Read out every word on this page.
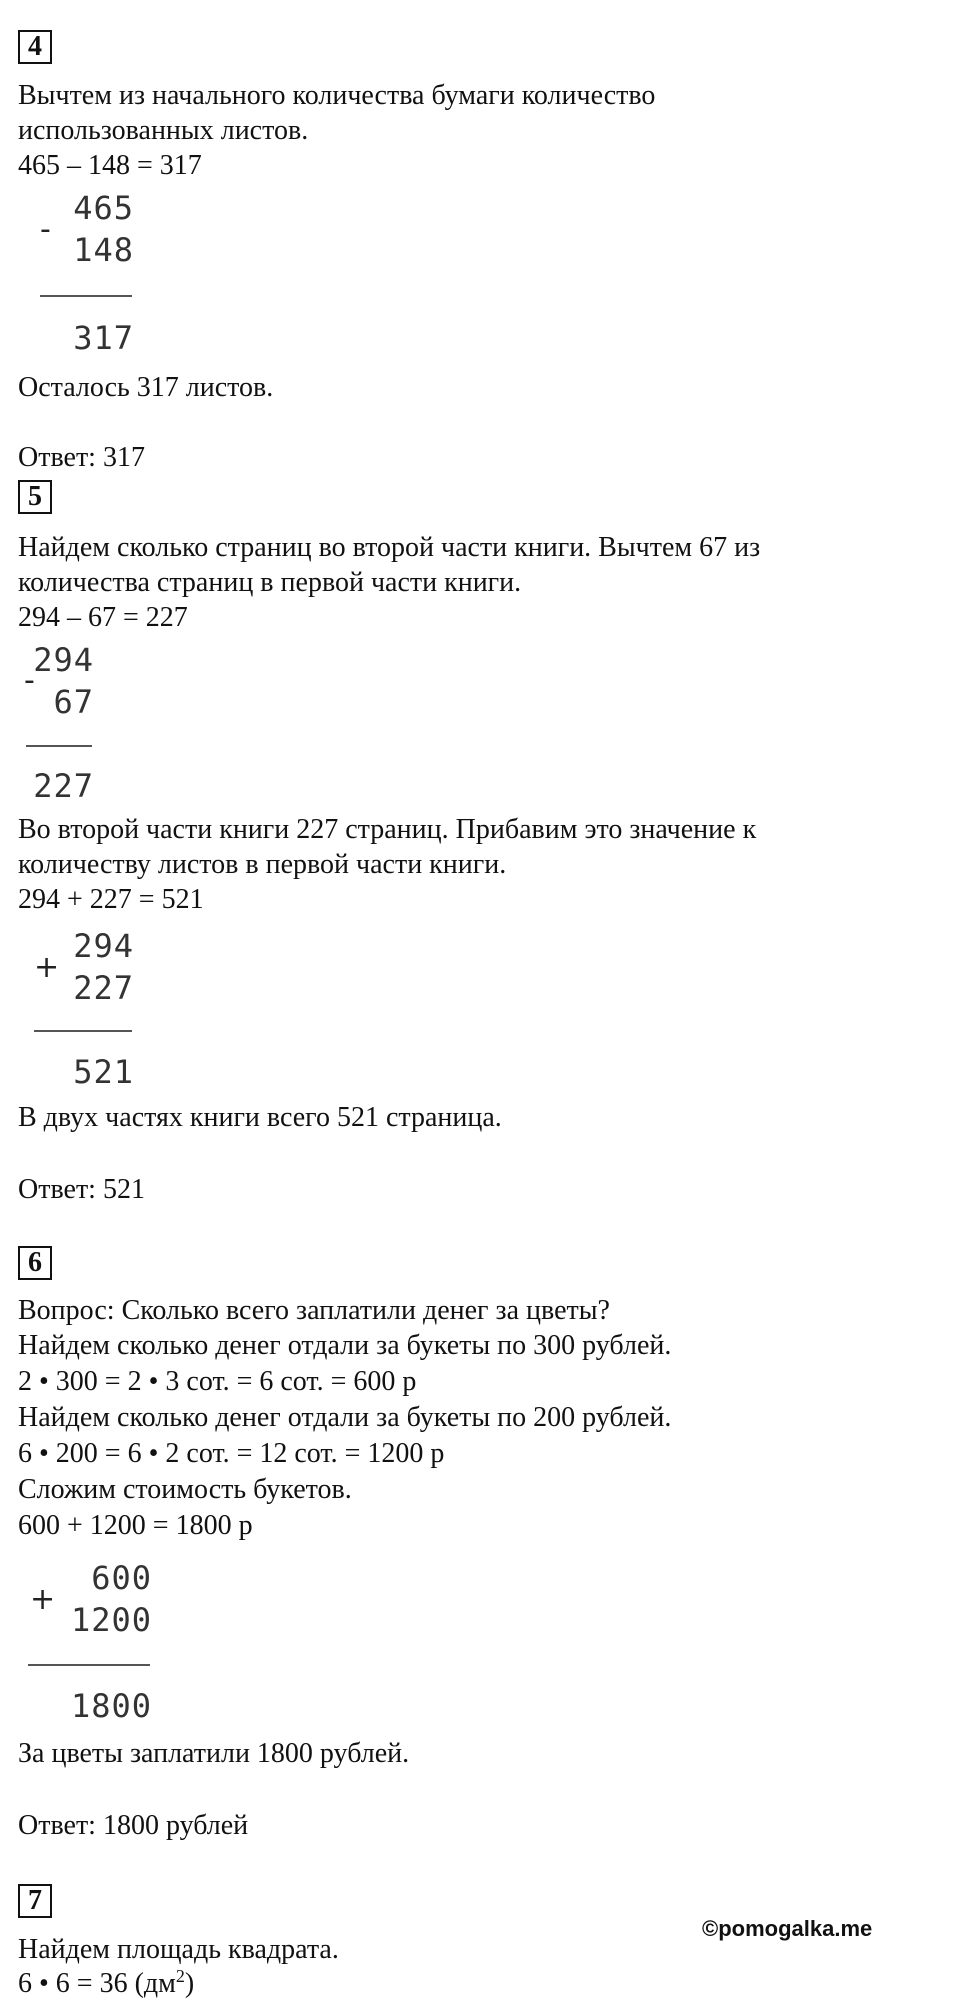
4
Вычтем из начального количества бумаги количество
использованных листов.
465 – 148 = 317
-
465
148
317
Осталось 317 листов.
Ответ: 317
5
Найдем сколько страниц во второй части книги. Вычтем 67 из
количества страниц в первой части книги.
294 – 67 = 227
-
294
67
227
Во второй части книги 227 страниц. Прибавим это значение к
количеству листов в первой части книги.
294 + 227 = 521
+
294
227
521
В двух частях книги всего 521 страница.
Ответ: 521
6
Вопрос: Сколько всего заплатили денег за цветы?
Найдем сколько денег отдали за букеты по 300 рублей.
2 • 300 = 2 • 3 сот. = 6 сот. = 600 р
Найдем сколько денег отдали за букеты по 200 рублей.
6 • 200 = 6 • 2 сот. = 12 сот. = 1200 р
Сложим стоимость букетов.
600 + 1200 = 1800 р
+
600
1200
1800
За цветы заплатили 1800 рублей.
Ответ: 1800 рублей
7
Найдем площадь квадрата.
6 • 6 = 36 $(дм^2)$
©pomogalka.me
